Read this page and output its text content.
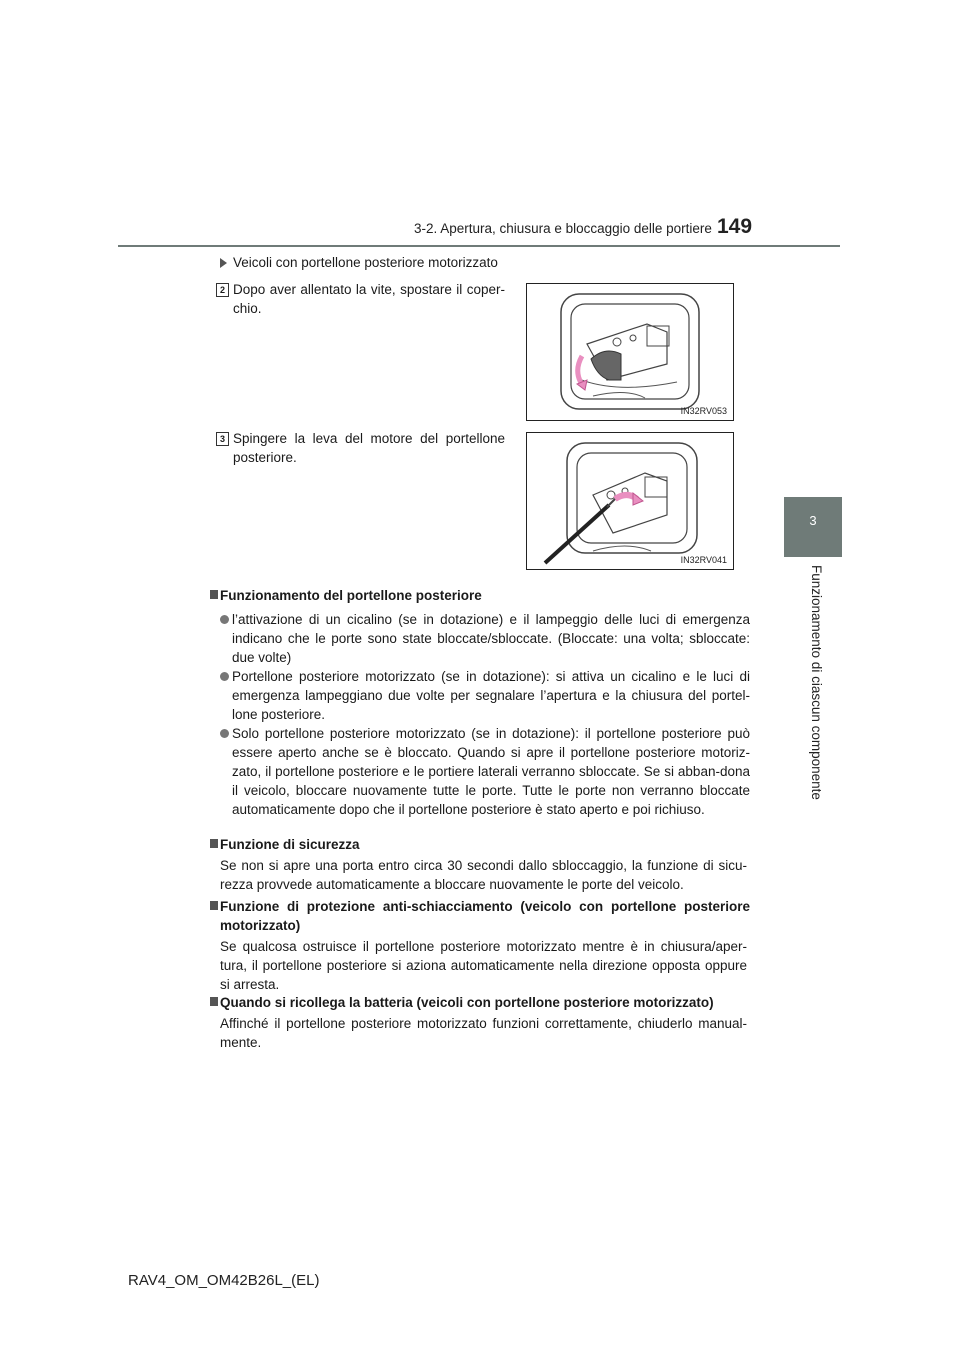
3-2. Apertura, chiusura e bloccaggio delle portiere 149
3
Funzionamento di ciascun componente
Veicoli con portellone posteriore motorizzato
2 Dopo aver allentato la vite, spostare il coper-chio.
IN32RV053
3 Spingere la leva del motore del portellone posteriore.
IN32RV041
Funzionamento del portellone posteriore
l’attivazione di un cicalino (se in dotazione) e il lampeggio delle luci di emergenza indicano che le porte sono state bloccate/sbloccate. (Bloccate: una volta; sbloccate: due volte)
Portellone posteriore motorizzato (se in dotazione): si attiva un cicalino e le luci di emergenza lampeggiano due volte per segnalare l’apertura e la chiusura del portel-lone posteriore.
Solo portellone posteriore motorizzato (se in dotazione): il portellone posteriore può essere aperto anche se è bloccato. Quando si apre il portellone posteriore motoriz-zato, il portellone posteriore e le portiere laterali verranno sbloccate. Se si abban-dona il veicolo, bloccare nuovamente tutte le porte. Tutte le porte non verranno bloccate automaticamente dopo che il portellone posteriore è stato aperto e poi richiuso.
Funzione di sicurezza
Se non si apre una porta entro circa 30 secondi dallo sbloccaggio, la funzione di sicu-rezza provvede automaticamente a bloccare nuovamente le porte del veicolo.
Funzione di protezione anti-schiacciamento (veicolo con portellone posteriore motorizzato)
Se qualcosa ostruisce il portellone posteriore motorizzato mentre è in chiusura/aper-tura, il portellone posteriore si aziona automaticamente nella direzione opposta oppure si arresta.
Quando si ricollega la batteria (veicoli con portellone posteriore motorizzato)
Affinché il portellone posteriore motorizzato funzioni correttamente, chiuderlo manual-mente.
RAV4_OM_OM42B26L_(EL)
